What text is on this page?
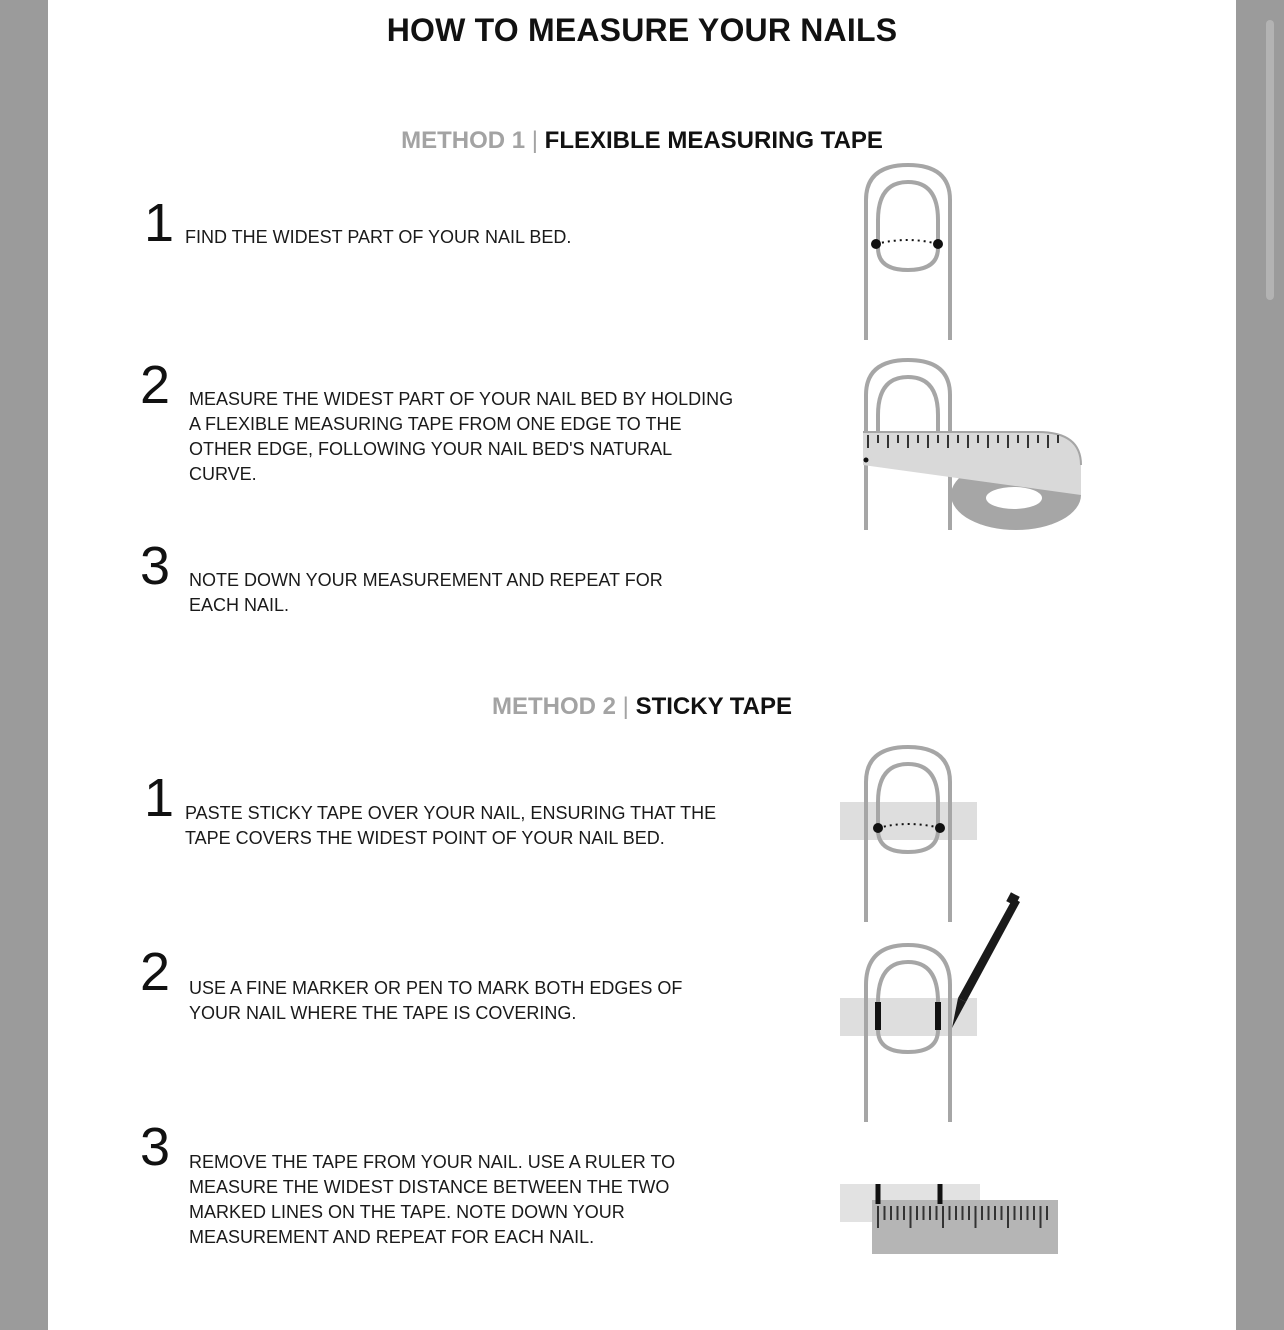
HOW TO MEASURE YOUR NAILS
METHOD 1 | FLEXIBLE MEASURING TAPE
1 FIND THE WIDEST PART OF YOUR NAIL BED.
2 MEASURE THE WIDEST PART OF YOUR NAIL BED BY HOLDING A FLEXIBLE MEASURING TAPE FROM ONE EDGE TO THE OTHER EDGE, FOLLOWING YOUR NAIL BED'S NATURAL CURVE.
3 NOTE DOWN YOUR MEASUREMENT AND REPEAT FOR EACH NAIL.
METHOD 2 | STICKY TAPE
1 PASTE STICKY TAPE OVER YOUR NAIL, ENSURING THAT THE TAPE COVERS THE WIDEST POINT OF YOUR NAIL BED.
2 USE A FINE MARKER OR PEN TO MARK BOTH EDGES OF YOUR NAIL WHERE THE TAPE IS COVERING.
3 REMOVE THE TAPE FROM YOUR NAIL. USE A RULER TO MEASURE THE WIDEST DISTANCE BETWEEN THE TWO MARKED LINES ON THE TAPE. NOTE DOWN YOUR MEASUREMENT AND REPEAT FOR EACH NAIL.
